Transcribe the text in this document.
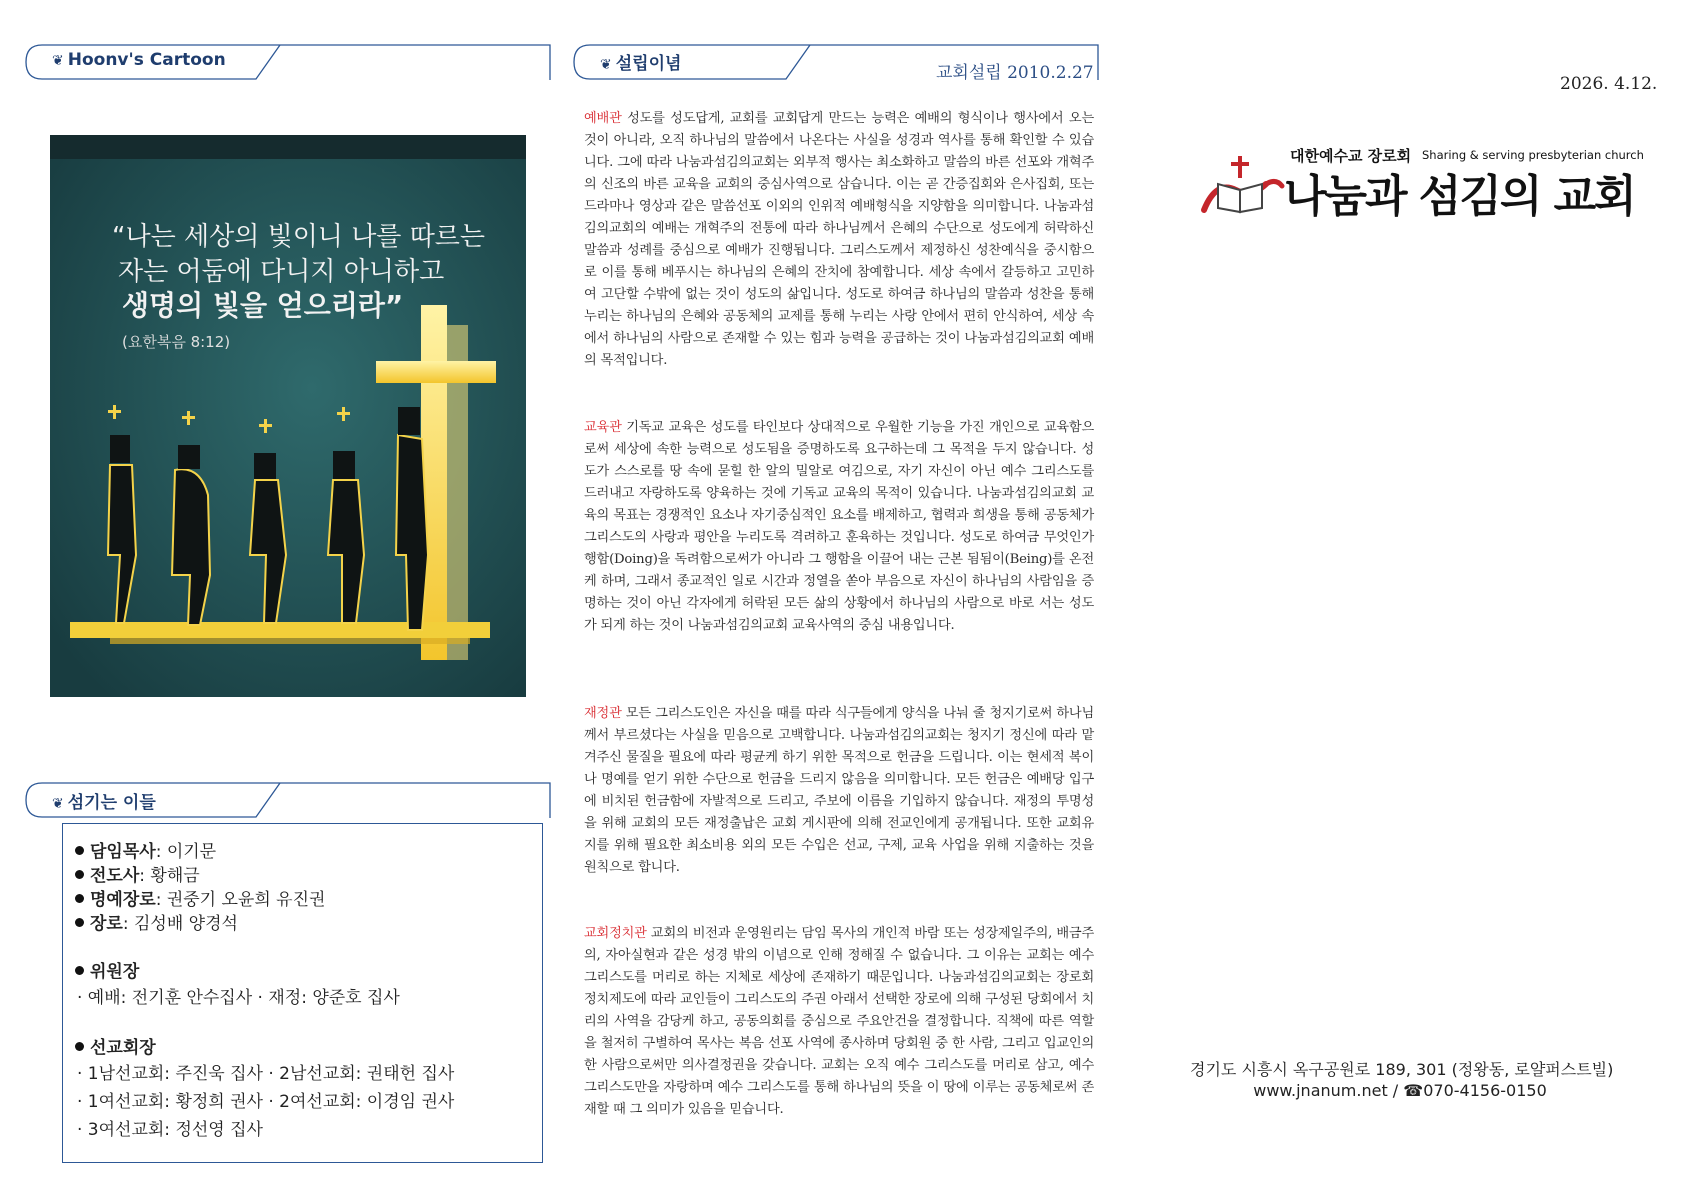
❦ Hoonv's Cartoon
“나는 세상의 빛이니 나를 따르는
자는 어둠에 다니지 아니하고
생명의 빛을 얻으리라”
(요한복음 8:12)
❦ 섬기는 이들
담임목사: 이기문
전도사: 황해금
명예장로: 권중기 오윤희 유진권
장로: 김성배 양경석
위원장
· 예배: 전기훈 안수집사 · 재정: 양준호 집사
선교회장
· 1남선교회: 주진욱 집사 · 2남선교회: 권태헌 집사
· 1여선교회: 황정희 권사 · 2여선교회: 이경임 권사
· 3여선교회: 정선영 집사
❦ 설립이념	교회설립 2010.2.27
예배관 성도를 성도답게, 교회를 교회답게 만드는 능력은 예배의 형식이나 행사에서 오는 것이 아니라, 오직 하나님의 말씀에서 나온다는 사실을 성경과 역사를 통해 확인할 수 있습니다. 그에 따라 나눔과섬김의교회는 외부적 행사는 최소화하고 말씀의 바른 선포와 개혁주의 신조의 바른 교육을 교회의 중심사역으로 삼습니다. 이는 곧 간증집회와 은사집회, 또는 드라마나 영상과 같은 말씀선포 이외의 인위적 예배형식을 지양함을 의미합니다. 나눔과섬김의교회의 예배는 개혁주의 전통에 따라 하나님께서 은혜의 수단으로 성도에게 허락하신 말씀과 성례를 중심으로 예배가 진행됩니다. 그리스도께서 제정하신 성찬예식을 중시함으로 이를 통해 베푸시는 하나님의 은혜의 잔치에 참예합니다. 세상 속에서 갈등하고 고민하여 고단할 수밖에 없는 것이 성도의 삶입니다. 성도로 하여금 하나님의 말씀과 성찬을 통해 누리는 하나님의 은혜와 공동체의 교제를 통해 누리는 사랑 안에서 편히 안식하여, 세상 속에서 하나님의 사람으로 존재할 수 있는 힘과 능력을 공급하는 것이 나눔과섬김의교회 예배의 목적입니다.
교육관 기독교 교육은 성도를 타인보다 상대적으로 우월한 기능을 가진 개인으로 교육함으로써 세상에 속한 능력으로 성도됨을 증명하도록 요구하는데 그 목적을 두지 않습니다. 성도가 스스로를 땅 속에 묻힐 한 알의 밀알로 여김으로, 자기 자신이 아닌 예수 그리스도를 드러내고 자랑하도록 양육하는 것에 기독교 교육의 목적이 있습니다. 나눔과섬김의교회 교육의 목표는 경쟁적인 요소나 자기중심적인 요소를 배제하고, 협력과 희생을 통해 공동체가 그리스도의 사랑과 평안을 누리도록 격려하고 훈육하는 것입니다. 성도로 하여금 무엇인가 행함(Doing)을 독려함으로써가 아니라 그 행함을 이끌어 내는 근본 됨됨이(Being)를 온전케 하며, 그래서 종교적인 일로 시간과 정열을 쏟아 부음으로 자신이 하나님의 사람임을 증명하는 것이 아닌 각자에게 허락된 모든 삶의 상황에서 하나님의 사람으로 바로 서는 성도가 되게 하는 것이 나눔과섬김의교회 교육사역의 중심 내용입니다.
재정관 모든 그리스도인은 자신을 때를 따라 식구들에게 양식을 나눠 줄 청지기로써 하나님께서 부르셨다는 사실을 믿음으로 고백합니다. 나눔과섬김의교회는 청지기 정신에 따라 맡겨주신 물질을 필요에 따라 평균케 하기 위한 목적으로 헌금을 드립니다. 이는 현세적 복이나 명예를 얻기 위한 수단으로 헌금을 드리지 않음을 의미합니다. 모든 헌금은 예배당 입구에 비치된 헌금함에 자발적으로 드리고, 주보에 이름을 기입하지 않습니다. 재정의 투명성을 위해 교회의 모든 재정출납은 교회 게시판에 의해 전교인에게 공개됩니다. 또한 교회유지를 위해 필요한 최소비용 외의 모든 수입은 선교, 구제, 교육 사업을 위해 지출하는 것을 원칙으로 합니다.
교회정치관 교회의 비전과 운영원리는 담임 목사의 개인적 바람 또는 성장제일주의, 배금주의, 자아실현과 같은 성경 밖의 이념으로 인해 정해질 수 없습니다. 그 이유는 교회는 예수 그리스도를 머리로 하는 지체로 세상에 존재하기 때문입니다. 나눔과섬김의교회는 장로회정치제도에 따라 교인들이 그리스도의 주권 아래서 선택한 장로에 의해 구성된 당회에서 치리의 사역을 감당케 하고, 공동의회를 중심으로 주요안건을 결정합니다. 직책에 따른 역할을 철저히 구별하여 목사는 복음 선포 사역에 종사하며 당회원 중 한 사람, 그리고 입교인의 한 사람으로써만 의사결정권을 갖습니다. 교회는 오직 예수 그리스도를 머리로 삼고, 예수 그리스도만을 자랑하며 예수 그리스도를 통해 하나님의 뜻을 이 땅에 이루는 공동체로써 존재할 때 그 의미가 있음을 믿습니다.
2026. 4.12.
대한예수교 장로회 Sharing & serving presbyterian church
나눔과 섬김의 교회
경기도 시흥시 옥구공원로 189, 301 (정왕동, 로얄퍼스트빌)
www.jnanum.net / ☎070-4156-0150
